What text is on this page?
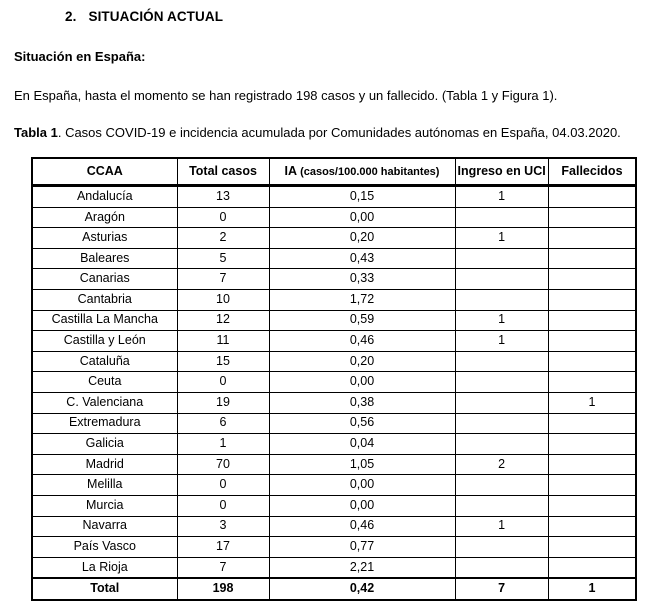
2. SITUACIÓN ACTUAL
Situación en España:
En España, hasta el momento se han registrado 198 casos y un fallecido. (Tabla 1 y Figura 1).
Tabla 1. Casos COVID-19 e incidencia acumulada por Comunidades autónomas en España, 04.03.2020.
CCAA	Total casos	IA (casos/100.000 habitantes)	Ingreso en UCI	Fallecidos
Andalucía	13	0,15	1	
Aragón	0	0,00		
Asturias	2	0,20	1	
Baleares	5	0,43		
Canarias	7	0,33		
Cantabria	10	1,72		
Castilla La Mancha	12	0,59	1	
Castilla y León	11	0,46	1	
Cataluña	15	0,20		
Ceuta	0	0,00		
C. Valenciana	19	0,38		1
Extremadura	6	0,56		
Galicia	1	0,04		
Madrid	70	1,05	2	
Melilla	0	0,00		
Murcia	0	0,00		
Navarra	3	0,46	1	
País Vasco	17	0,77		
La Rioja	7	2,21		
Total	198	0,42	7	1
